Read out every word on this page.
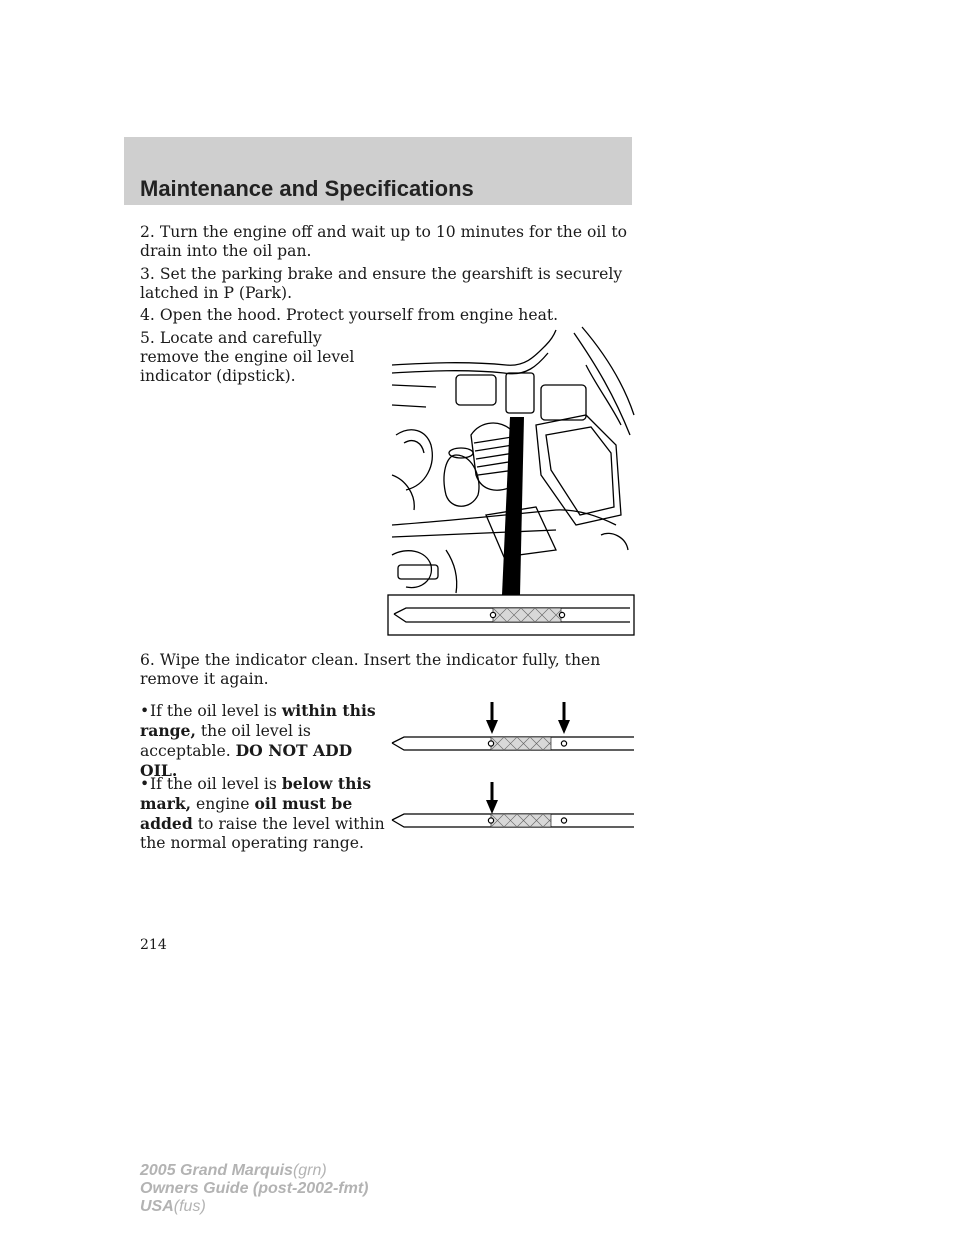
Maintenance and Specifications
2. Turn the engine off and wait up to 10 minutes for the oil to drain into the oil pan.
3. Set the parking brake and ensure the gearshift is securely latched in P (Park).
4. Open the hood. Protect yourself from engine heat.
5. Locate and carefully remove the engine oil level indicator (dipstick).
6. Wipe the indicator clean. Insert the indicator fully, then remove it again.
•If the oil level is within this range, the oil level is acceptable. DO NOT ADD OIL.
•If the oil level is below this mark, engine oil must be added to raise the level within the normal operating range.
214
2005 Grand Marquis(grn)
Owners Guide (post-2002-fmt)
USA(fus)
